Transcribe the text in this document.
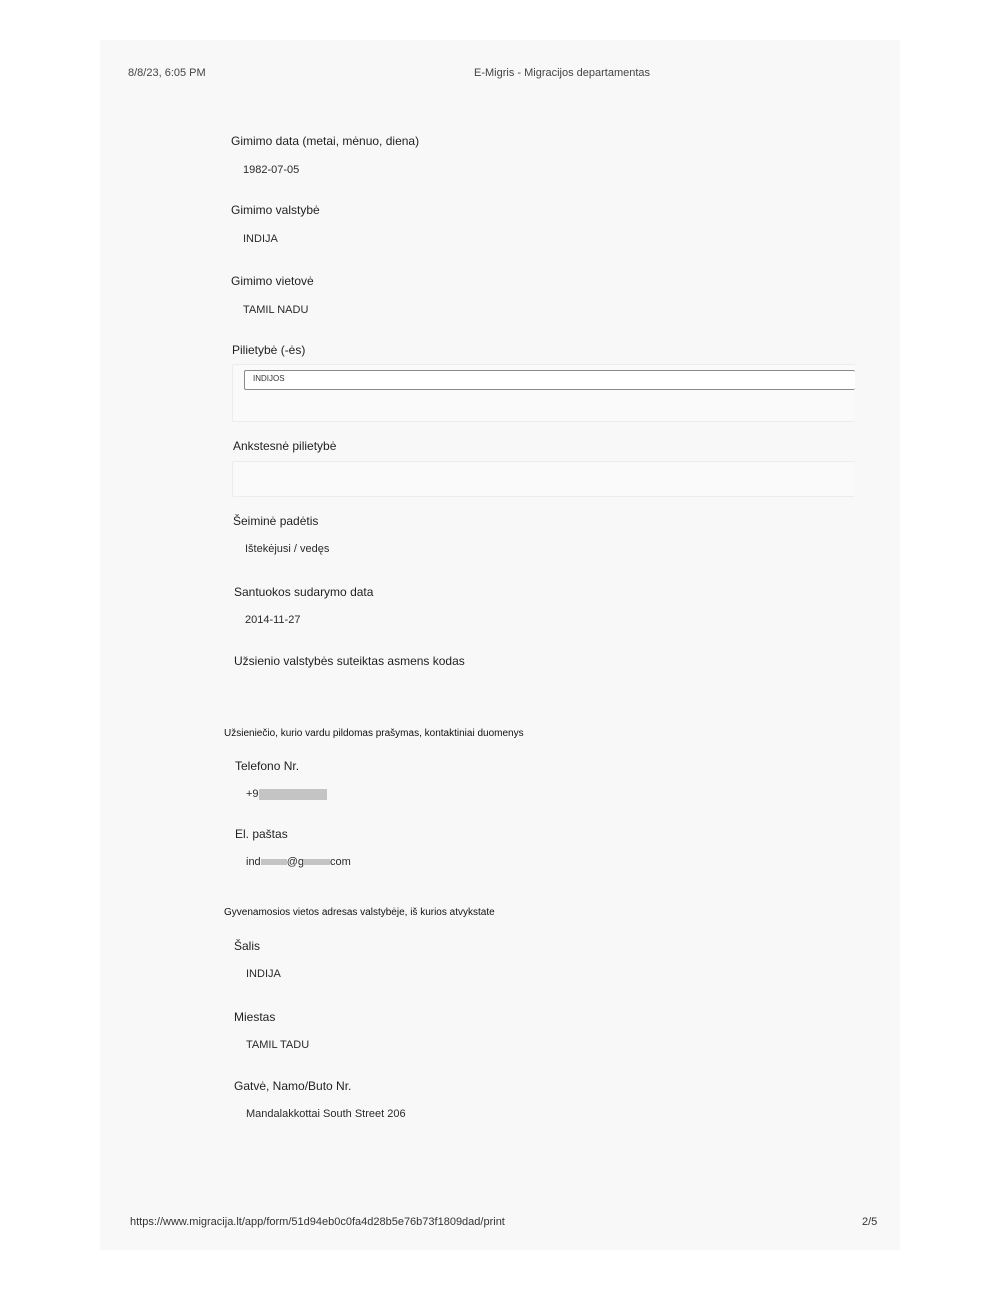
8/8/23, 6:05 PM	E-Migris - Migracijos departamentas
Gimimo data (metai, mėnuo, diena)
1982-07-05
Gimimo valstybė
INDIJA
Gimimo vietovė
TAMIL NADU
Pilietybė (-ės)
INDIJOS
Ankstesnė pilietybė
Šeiminė padėtis
Ištekėjusi / vedęs
Santuokos sudarymo data
2014-11-27
Užsienio valstybės suteiktas asmens kodas
Užsieniečio, kurio vardu pildomas prašymas, kontaktiniai duomenys
Telefono Nr.
+9
El. paštas
ind @g com
Gyvenamosios vietos adresas valstybėje, iš kurios atvykstate
Šalis
INDIJA
Miestas
TAMIL TADU
Gatvė, Namo/Buto Nr.
Mandalakkottai South Street 206
https://www.migracija.lt/app/form/51d94eb0c0fa4d28b5e76b73f1809dad/print	2/5
